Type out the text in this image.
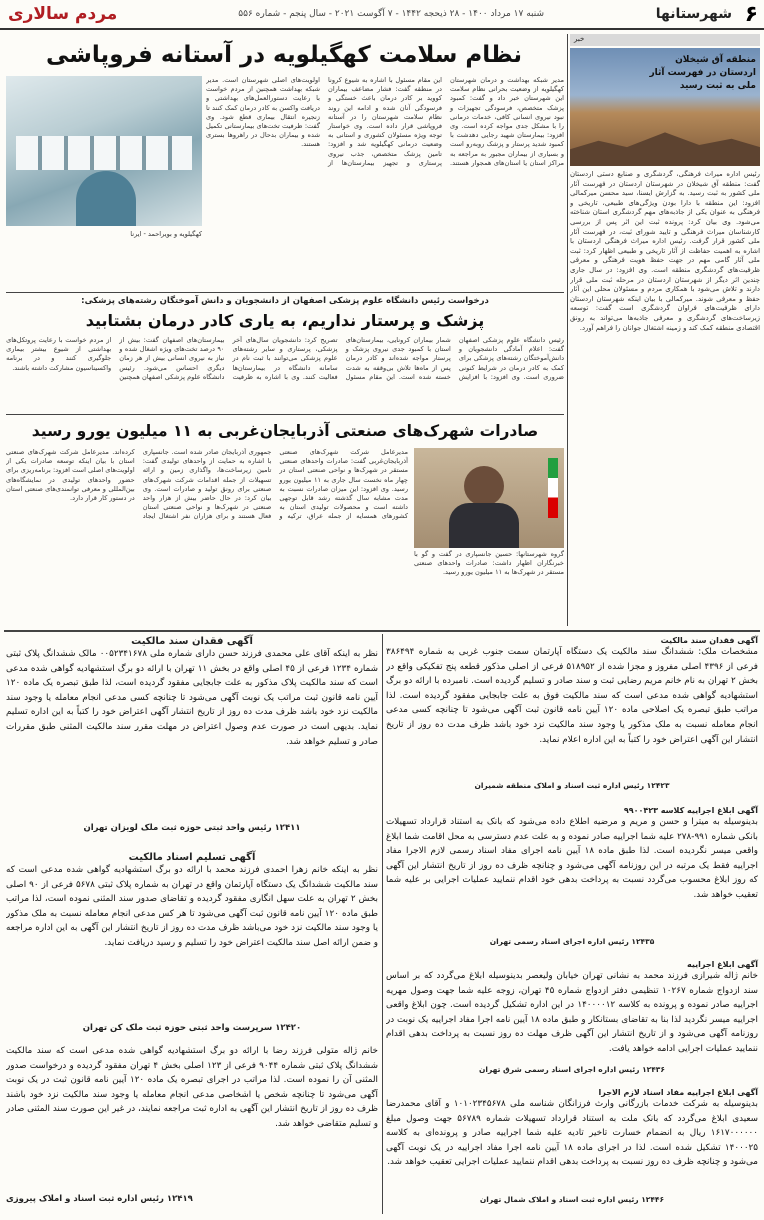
۶
شهرستانها
شنبه ۱۷ مرداد ۱۴۰۰ - ۲۸ ذیحجه ۱۴۴۲ - ۷ آگوست ۲۰۲۱ - سال پنجم - شماره ۵۵۶
مردم سالاری
خبر
منطقه آق شیخلان اردستان در فهرست آثار ملی به ثبت رسید
رئیس اداره میراث فرهنگی، گردشگری و صنایع دستی اردستان گفت: منطقه آق شیخلان در شهرستان اردستان در فهرست آثار ملی کشور به ثبت رسید. به گزارش ایسنا، سید محسن میرکمالی افزود: این منطقه با دارا بودن ویژگی‌های طبیعی، تاریخی و فرهنگی به عنوان یکی از جاذبه‌های مهم گردشگری استان شناخته می‌شود. وی بیان کرد: پرونده ثبت این اثر پس از بررسی کارشناسان میراث فرهنگی و تایید شورای ثبت، در فهرست آثار ملی کشور قرار گرفت. رئیس اداره میراث فرهنگی اردستان با اشاره به اهمیت حفاظت از آثار تاریخی و طبیعی اظهار کرد: ثبت ملی آثار گامی مهم در جهت حفظ هویت فرهنگی و معرفی ظرفیت‌های گردشگری منطقه است. وی افزود: در سال جاری چندین اثر دیگر از شهرستان اردستان در مرحله ثبت ملی قرار دارند و تلاش می‌شود با همکاری مردم و مسئولان محلی این آثار حفظ و معرفی شوند. میرکمالی با بیان اینکه شهرستان اردستان دارای ظرفیت‌های فراوان گردشگری است گفت: توسعه زیرساخت‌های گردشگری و معرفی جاذبه‌ها می‌تواند به رونق اقتصادی منطقه کمک کند و زمینه اشتغال جوانان را فراهم آورد.
نظام سلامت کهگیلویه در آستانه فروپاشی
مدیر شبکه بهداشت و درمان شهرستان کهگیلویه از وضعیت بحرانی نظام سلامت این شهرستان خبر داد و گفت: کمبود پزشک متخصص، فرسودگی تجهیزات و نبود نیروی انسانی کافی، خدمات درمانی را با مشکل جدی مواجه کرده است. وی افزود: بیمارستان شهید رجایی دهدشت با کمبود شدید پرستار و پزشک روبه‌رو است و بسیاری از بیماران مجبور به مراجعه به مراکز استان یا استان‌های همجوار هستند. این مقام مسئول با اشاره به شیوع کرونا در منطقه گفت: فشار مضاعف بیماران کووید بر کادر درمان باعث خستگی و فرسودگی آنان شده و ادامه این روند نظام سلامت شهرستان را در آستانه فروپاشی قرار داده است. وی خواستار توجه ویژه مسئولان کشوری و استانی به وضعیت درمانی کهگیلویه شد و افزود: تامین پزشک متخصص، جذب نیروی پرستاری و تجهیز بیمارستان‌ها از اولویت‌های اصلی شهرستان است. مدیر شبکه بهداشت همچنین از مردم خواست با رعایت دستورالعمل‌های بهداشتی و دریافت واکسن به کادر درمان کمک کنند تا زنجیره انتقال بیماری قطع شود. وی گفت: ظرفیت تخت‌های بیمارستانی تکمیل شده و بیماران بدحال در راهروها بستری هستند.
کهگیلویه و بویراحمد - ایرنا
درخواست رئیس دانشگاه علوم پزشکی اصفهان از دانشجویان و دانش آموختگان رشته‌های پزشکی:
پزشک و پرستار نداریم، به یاری کادر درمان بشتابید
رئیس دانشگاه علوم پزشکی اصفهان گفت: اعلام آمادگی دانشجویان و دانش‌آموختگان رشته‌های پزشکی برای کمک به کادر درمان در شرایط کنونی ضروری است. وی افزود: با افزایش شمار بیماران کرونایی، بیمارستان‌های استان با کمبود جدی نیروی پزشک و پرستار مواجه شده‌اند و کادر درمان پس از ماه‌ها تلاش بی‌وقفه به شدت خسته شده است. این مقام مسئول تصریح کرد: دانشجویان سال‌های آخر پزشکی، پرستاری و سایر رشته‌های علوم پزشکی می‌توانند با ثبت نام در سامانه دانشگاه در بیمارستان‌ها فعالیت کنند. وی با اشاره به ظرفیت بیمارستان‌های اصفهان گفت: بیش از ۹۰ درصد تخت‌های ویژه اشغال شده و نیاز به نیروی انسانی بیش از هر زمان دیگری احساس می‌شود. رئیس دانشگاه علوم پزشکی اصفهان همچنین از مردم خواست با رعایت پروتکل‌های بهداشتی از شیوع بیشتر بیماری جلوگیری کنند و در برنامه واکسیناسیون مشارکت داشته باشند.
صادرات شهرک‌های صنعتی آذربایجان‌غربی به ۱۱ میلیون یورو رسید
گروه شهرستانها: حسین جانسپاری در گفت و گو با خبرنگاران اظهار داشت: صادرات واحدهای صنعتی مستقر در شهرک‌ها به ۱۱ میلیون یورو رسید.
مدیرعامل شرکت شهرک‌های صنعتی آذربایجان‌غربی گفت: صادرات واحدهای صنعتی مستقر در شهرک‌ها و نواحی صنعتی استان در چهار ماه نخست سال جاری به ۱۱ میلیون یورو رسید. وی افزود: این میزان صادرات نسبت به مدت مشابه سال گذشته رشد قابل توجهی داشته است و محصولات تولیدی استان به کشورهای همسایه از جمله عراق، ترکیه و جمهوری آذربایجان صادر شده است. جانسپاری با اشاره به حمایت از واحدهای تولیدی گفت: تامین زیرساخت‌ها، واگذاری زمین و ارائه تسهیلات از جمله اقدامات شرکت شهرک‌های صنعتی برای رونق تولید و صادرات است. وی بیان کرد: در حال حاضر بیش از هزار واحد صنعتی در شهرک‌ها و نواحی صنعتی استان فعال هستند و برای هزاران نفر اشتغال ایجاد کرده‌اند. مدیرعامل شرکت شهرک‌های صنعتی استان با بیان اینکه توسعه صادرات یکی از اولویت‌های اصلی است افزود: برنامه‌ریزی برای حضور واحدهای تولیدی در نمایشگاه‌های بین‌المللی و معرفی توانمندی‌های صنعتی استان در دستور کار قرار دارد.
آگهی فقدان سند مالکیت
نظر به اینکه آقای علی محمدی فرزند حسن دارای شماره ملی ۰۰۵۲۳۴۱۶۷۸ مالک ششدانگ پلاک ثبتی شماره ۱۲۳۴ فرعی از ۴۵ اصلی واقع در بخش ۱۱ تهران با ارائه دو برگ استشهادیه گواهی شده مدعی است که سند مالکیت پلاک مذکور به علت جابجایی مفقود گردیده است، لذا طبق تبصره یک ماده ۱۲۰ آیین نامه قانون ثبت مراتب یک نوبت آگهی می‌شود تا چنانچه کسی مدعی انجام معامله یا وجود سند مالکیت نزد خود باشد ظرف مدت ده روز از تاریخ انتشار آگهی اعتراض خود را کتباً به این اداره تسلیم نماید. بدیهی است در صورت عدم وصول اعتراض در مهلت مقرر سند مالکیت المثنی طبق مقررات صادر و تسلیم خواهد شد.
۱۲۴۱۱ رئیس واحد ثبتی حوزه ثبت ملک لویزان تهران
آگهی تسلیم اسناد مالکیت
نظر به اینکه خانم زهرا احمدی فرزند محمد با ارائه دو برگ استشهادیه گواهی شده مدعی است که سند مالکیت ششدانگ یک دستگاه آپارتمان واقع در تهران به شماره پلاک ثبتی ۵۶۷۸ فرعی از ۹۰ اصلی بخش ۲ تهران به علت سهل انگاری مفقود گردیده و تقاضای صدور سند المثنی نموده است، لذا مراتب طبق ماده ۱۲۰ آیین نامه قانون ثبت آگهی می‌شود تا هر کس مدعی انجام معامله نسبت به ملک مذکور یا وجود سند مالکیت نزد خود می‌باشد ظرف مدت ده روز از تاریخ انتشار این آگهی به این اداره مراجعه و ضمن ارائه اصل سند مالکیت اعتراض خود را تسلیم و رسید دریافت نماید.
۱۲۴۲۰ سرپرست واحد ثبتی حوزه ثبت ملک کن تهران
خانم ژاله متولی فرزند رضا با ارائه دو برگ استشهادیه گواهی شده مدعی است که سند مالکیت ششدانگ پلاک ثبتی شماره ۹۰۴۴ فرعی از ۱۲۳ اصلی بخش ۴ تهران مفقود گردیده و درخواست صدور المثنی آن را نموده است. لذا مراتب در اجرای تبصره یک ماده ۱۲۰ آیین نامه قانون ثبت در یک نوبت آگهی می‌شود تا چنانچه شخص یا اشخاصی مدعی انجام معامله یا وجود سند مالکیت نزد خود باشند ظرف ده روز از تاریخ انتشار این آگهی به اداره ثبت مراجعه نمایند، در غیر این صورت سند المثنی صادر و تسلیم متقاضی خواهد شد.
۱۲۴۱۹ رئیس اداره ثبت اسناد و املاک پیروزی
آگهی فقدان سند مالکیت
مشخصات ملک: ششدانگ سند مالکیت یک دستگاه آپارتمان سمت جنوب غربی به شماره ۳۸۶۴۹۴ فرعی از ۴۳۹۶ اصلی مفروز و مجزا شده از ۵۱۸۹۵۲ فرعی از اصلی مذکور قطعه پنج تفکیکی واقع در بخش ۲ تهران به نام خانم مریم رضایی ثبت و سند صادر و تسلیم گردیده است. نامبرده با ارائه دو برگ استشهادیه گواهی شده مدعی است که سند مالکیت فوق به علت جابجایی مفقود گردیده است. لذا مراتب طبق تبصره یک اصلاحی ماده ۱۲۰ آیین نامه قانون ثبت آگهی می‌شود تا چنانچه کسی مدعی انجام معامله نسبت به ملک مذکور یا وجود سند مالکیت نزد خود باشد ظرف مدت ده روز از تاریخ انتشار این آگهی اعتراض خود را کتباً به این اداره اعلام نماید.
۱۲۴۲۳ رئیس اداره ثبت اسناد و املاک منطقه شمیران
آگهی ابلاغ اجراییه کلاسه ۹۹۰۰۴۲۳
بدینوسیله به میترا و حسن و مریم و مرضیه اطلاع داده می‌شود که بانک به استناد قرارداد تسهیلات بانکی شماره ۹۹۱-۲۷۸ علیه شما اجراییه صادر نموده و به علت عدم دسترسی به محل اقامت شما ابلاغ واقعی میسر نگردیده است. لذا طبق ماده ۱۸ آیین نامه اجرای مفاد اسناد رسمی لازم الاجرا مفاد اجراییه فقط یک مرتبه در این روزنامه آگهی می‌شود و چنانچه ظرف ده روز از تاریخ انتشار این آگهی که روز ابلاغ محسوب می‌گردد نسبت به پرداخت بدهی خود اقدام ننمایید عملیات اجرایی بر علیه شما تعقیب خواهد شد.
۱۲۴۳۵ رئیس اداره اجرای اسناد رسمی تهران
آگهی ابلاغ اجراییه
خانم ژاله شیرازی فرزند محمد به نشانی تهران خیابان ولیعصر بدینوسیله ابلاغ می‌گردد که بر اساس سند ازدواج شماره ۱۰۲۶۷ تنظیمی دفتر ازدواج شماره ۴۵ تهران، زوجه علیه شما جهت وصول مهریه اجراییه صادر نموده و پرونده به کلاسه ۱۴۰۰۰۰۱۲ در این اداره تشکیل گردیده است. چون ابلاغ واقعی اجراییه میسر نگردید لذا بنا به تقاضای بستانکار و طبق ماده ۱۸ آیین نامه اجرا مفاد اجراییه یک نوبت در روزنامه آگهی می‌شود و از تاریخ انتشار این آگهی ظرف مهلت ده روز نسبت به پرداخت بدهی اقدام ننمایید عملیات اجرایی ادامه خواهد یافت.
۱۲۴۳۶ رئیس اداره اجرای اسناد رسمی شرق تهران
آگهی ابلاغ اجراییه مفاد اسناد لازم الاجرا
بدینوسیله به شرکت خدمات بازرگانی وارث فرزانگان شناسه ملی ۱۰۱۰۲۳۴۵۶۷۸ و آقای محمدرضا سعیدی ابلاغ می‌گردد که بانک ملت به استناد قرارداد تسهیلات شماره ۵۶۷۸۹ جهت وصول مبلغ ۱۶۱۷۰۰۰۰۰۰ ریال به انضمام خسارت تاخیر تادیه علیه شما اجراییه صادر و پرونده‌ای به کلاسه ۱۴۰۰۰۲۵ تشکیل شده است. لذا در اجرای ماده ۱۸ آیین نامه اجرا مفاد اجراییه در یک نوبت آگهی می‌شود و چنانچه ظرف ده روز نسبت به پرداخت بدهی اقدام ننمایید عملیات اجرایی تعقیب خواهد شد.
۱۲۴۴۶ رئیس اداره ثبت اسناد و املاک شمال تهران
